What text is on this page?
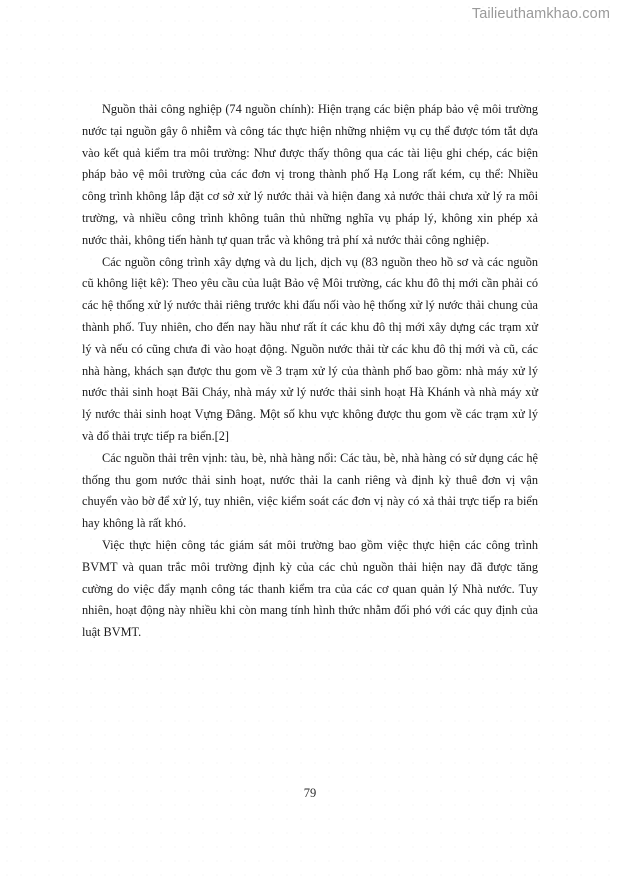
Tailieuthamkhao.com

Nguồn thải công nghiệp (74 nguồn chính): Hiện trạng các biện pháp bảo vệ môi trường nước tại nguồn gây ô nhiễm và công tác thực hiện những nhiệm vụ cụ thể được tóm tắt dựa vào kết quả kiểm tra môi trường: Như được thấy thông qua các tài liệu ghi chép, các biện pháp bảo vệ môi trường của các đơn vị trong thành phố Hạ Long rất kém, cụ thể: Nhiều công trình không lắp đặt cơ sở xử lý nước thải và hiện đang xả nước thải chưa xử lý ra môi trường, và nhiều công trình không tuân thủ những nghĩa vụ pháp lý, không xin phép xả nước thải, không tiến hành tự quan trắc và không trả phí xả nước thải công nghiệp.

Các nguồn công trình xây dựng và du lịch, dịch vụ (83 nguồn theo hồ sơ và các nguồn cũ không liệt kê): Theo yêu cầu của luật Bảo vệ Môi trường, các khu đô thị mới cần phải có các hệ thống xử lý nước thải riêng trước khi đấu nối vào hệ thống xử lý nước thải chung của thành phố. Tuy nhiên, cho đến nay hầu như rất ít các khu đô thị mới xây dựng các trạm xử lý và nếu có cũng chưa đi vào hoạt động. Nguồn nước thải từ các khu đô thị mới và cũ, các nhà hàng, khách sạn được thu gom về 3 trạm xử lý của thành phố bao gồm: nhà máy xử lý nước thải sinh hoạt Bãi Cháy, nhà máy xử lý nước thải sinh hoạt Hà Khánh và nhà máy xử lý nước thải sinh hoạt Vựng Đâng. Một số khu vực không được thu gom về các trạm xử lý và đổ thải trực tiếp ra biển.[2]

Các nguồn thải trên vịnh: tàu, bè, nhà hàng nổi: Các tàu, bè, nhà hàng có sử dụng các hệ thống thu gom nước thải sinh hoạt, nước thải la canh riêng và định kỳ thuê đơn vị vận chuyển vào bờ để xử lý, tuy nhiên, việc kiểm soát các đơn vị này có xả thải trực tiếp ra biển hay không là rất khó.

Việc thực hiện công tác giám sát môi trường bao gồm việc thực hiện các công trình BVMT và quan trắc môi trường định kỳ của các chủ nguồn thải hiện nay đã được tăng cường do việc đẩy mạnh công tác thanh kiểm tra của các cơ quan quản lý Nhà nước. Tuy nhiên, hoạt động này nhiều khi còn mang tính hình thức nhằm đối phó với các quy định của luật BVMT.

79
